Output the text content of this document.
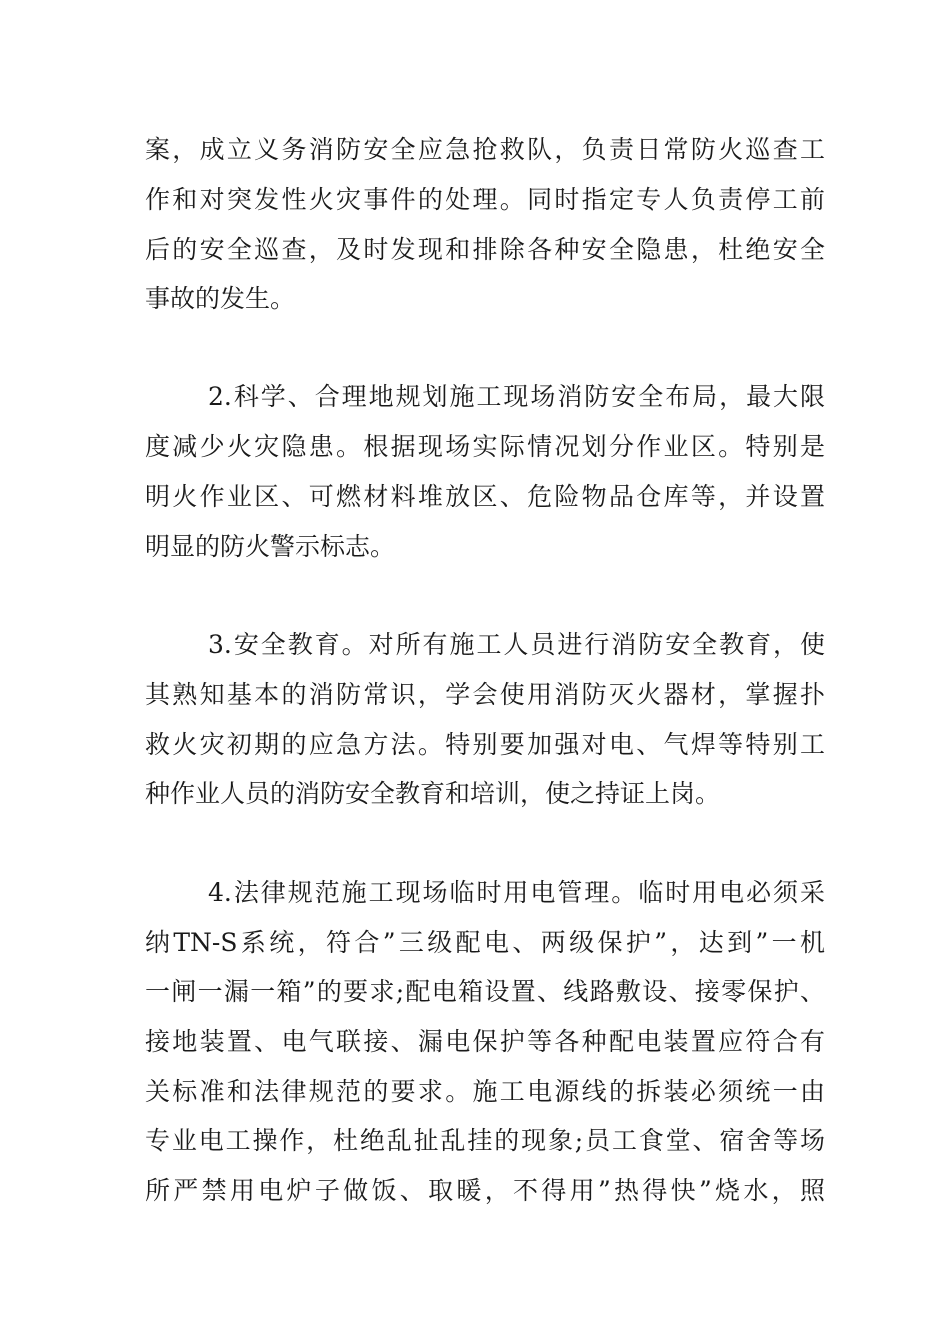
案，成立义务消防安全应急抢救队，负责日常防火巡查工
作和对突发性火灾事件的处理。同时指定专人负责停工前
后的安全巡查，及时发现和排除各种安全隐患，杜绝安全
事故的发生。
2.科学、合理地规划施工现场消防安全布局，最大限
度减少火灾隐患。根据现场实际情况划分作业区。特别是
明火作业区、可燃材料堆放区、危险物品仓库等，并设置
明显的防火警示标志。
3.安全教育。对所有施工人员进行消防安全教育，使
其熟知基本的消防常识，学会使用消防灭火器材，掌握扑
救火灾初期的应急方法。特别要加强对电、气焊等特别工
种作业人员的消防安全教育和培训，使之持证上岗。
4.法律规范施工现场临时用电管理。临时用电必须采
纳TN-S系统，符合”三级配电、两级保护”，达到”一机
一闸一漏一箱”的要求;配电箱设置、线路敷设、接零保护、
接地装置、电气联接、漏电保护等各种配电装置应符合有
关标准和法律规范的要求。施工电源线的拆装必须统一由
专业电工操作，杜绝乱扯乱挂的现象;员工食堂、宿舍等场
所严禁用电炉子做饭、取暖，不得用”热得快”烧水，照
